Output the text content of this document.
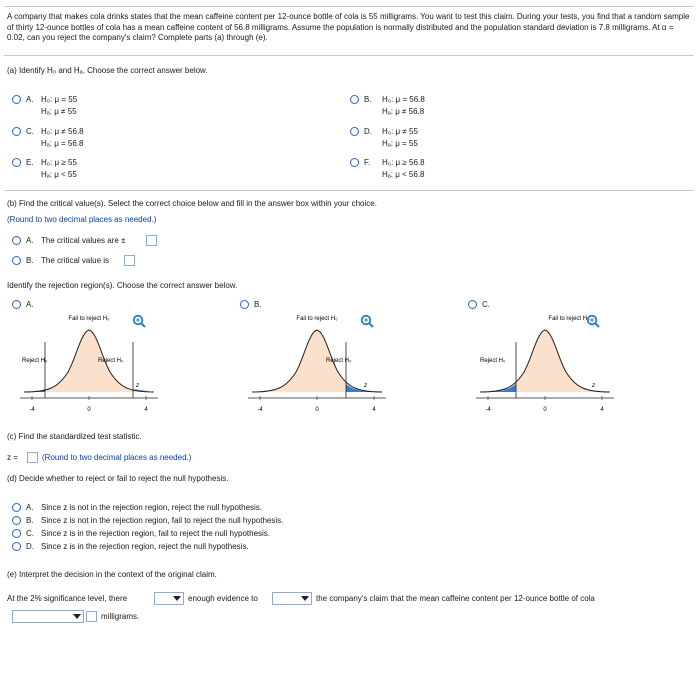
A company that makes cola drinks states that the mean caffeine content per 12-ounce bottle of cola is 55 milligrams. You want to test this claim. During your tests, you find that a random sample of thirty 12-ounce bottles of cola has a mean caffeine content of 56.8 milligrams. Assume the population is normally distributed and the population standard deviation is 7.8 milligrams. At α = 0.02, can you reject the company's claim? Complete parts (a) through (e).
(a) Identify H₀ and Hₐ. Choose the correct answer below.
A. H₀: μ = 55
Hₐ: μ ≠ 55
B. H₀: μ = 56.8
Hₐ: μ ≠ 56.8
C. H₀: μ ≠ 56.8
Hₐ: μ = 56.8
D. H₀: μ ≠ 55
Hₐ: μ = 55
E. H₀: μ ≥ 55
Hₐ: μ < 55
F. H₀: μ ≥ 56.8
Hₐ: μ < 56.8
(b) Find the critical value(s). Select the correct choice below and fill in the answer box within your choice.
(Round to two decimal places as needed.)
A. The critical values are ±
B. The critical value is
Identify the rejection region(s). Choose the correct answer below.
A.	B.	C.
Fail to reject H₀
Reject H₀	Reject H₀
z
-4	0	4
Fail to reject H₀
Reject H₀
z
-4	0	4
Fail to reject H₀
Reject H₀
z
-4	0	4
(c) Find the standardized test statistic.
z =	(Round to two decimal places as needed.)
(d) Decide whether to reject or fail to reject the null hypothesis.
A. Since z is not in the rejection region, reject the null hypothesis.
B. Since z is not in the rejection region, fail to reject the null hypothesis.
C. Since z is in the rejection region, fail to reject the null hypothesis.
D. Since z is in the rejection region, reject the null hypothesis.
(e) Interpret the decision in the context of the original claim.
At the 2% significance level, there	enough evidence to	the company's claim that the mean caffeine content per 12-ounce bottle of cola
milligrams.
